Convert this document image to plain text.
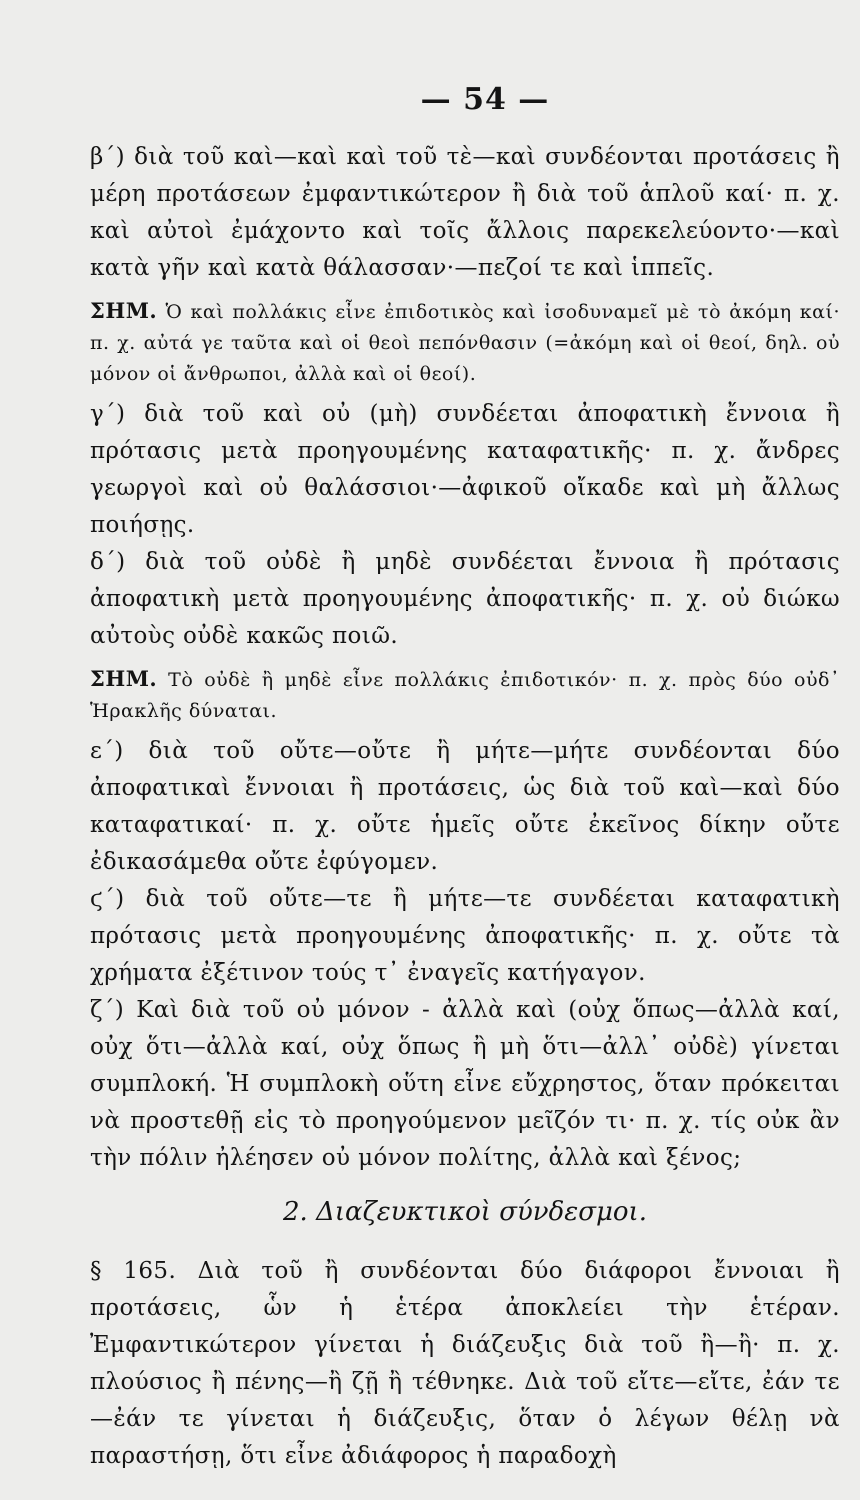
— 54 —

β΄) διὰ τοῦ καὶ—καὶ καὶ τοῦ τὲ—καὶ συνδέονται προτάσεις ἢ μέρη προτάσεων ἐμφαντικώτερον ἢ διὰ τοῦ ἁπλοῦ καί· π. χ. καὶ αὐτοὶ ἐμάχοντο καὶ τοῖς ἄλλοις παρεκελεύοντο·—καὶ κατὰ γῆν καὶ κατὰ θάλασσαν·—πεζοί τε καὶ ἱππεῖς.

ΣΗΜ. Ὁ καὶ πολλάκις εἶνε ἐπιδοτικὸς καὶ ἰσοδυναμεῖ μὲ τὸ ἀκόμη καί· π. χ. αὐτά γε ταῦτα καὶ οἱ θεοὶ πεπόνθασιν (=ἀκόμη καὶ οἱ θεοί, δηλ. οὐ μόνον οἱ ἄνθρωποι, ἀλλὰ καὶ οἱ θεοί).

γ΄) διὰ τοῦ καὶ οὐ (μὴ) συνδέεται ἀποφατικὴ ἔννοια ἢ πρότασις μετὰ προηγουμένης καταφατικῆς· π. χ. ἄνδρες γεωργοὶ καὶ οὐ θαλάσσιοι·—ἀφικοῦ οἴκαδε καὶ μὴ ἄλλως ποιήσῃς.

δ΄) διὰ τοῦ οὐδὲ ἢ μηδὲ συνδέεται ἔννοια ἢ πρότασις ἀποφατικὴ μετὰ προηγουμένης ἀποφατικῆς· π. χ. οὐ διώκω αὐτοὺς οὐδὲ κακῶς ποιῶ.

ΣΗΜ. Τὸ οὐδὲ ἢ μηδὲ εἶνε πολλάκις ἐπιδοτικόν· π. χ. πρὸς δύο οὐδ᾽ Ἡρακλῆς δύναται.

ε΄) διὰ τοῦ οὔτε—οὔτε ἢ μήτε—μήτε συνδέονται δύο ἀποφατικαὶ ἔννοιαι ἢ προτάσεις, ὡς διὰ τοῦ καὶ—καὶ δύο καταφατικαί· π. χ. οὔτε ἡμεῖς οὔτε ἐκεῖνος δίκην οὔτε ἐδικασάμεθα οὔτε ἐφύγομεν.

ϛ΄) διὰ τοῦ οὔτε—τε ἢ μήτε—τε συνδέεται καταφατικὴ πρότασις μετὰ προηγουμένης ἀποφατικῆς· π. χ. οὔτε τὰ χρήματα ἐξέτινον τούς τ᾽ ἐναγεῖς κατήγαγον.

ζ΄) Καὶ διὰ τοῦ οὐ μόνον - ἀλλὰ καὶ (οὐχ ὅπως—ἀλλὰ καί, οὐχ ὅτι—ἀλλὰ καί, οὐχ ὅπως ἢ μὴ ὅτι—ἀλλ᾽ οὐδὲ) γίνεται συμπλοκή. Ἡ συμπλοκὴ οὕτη εἶνε εὔχρηστος, ὅταν πρόκειται νὰ προστεθῇ εἰς τὸ προηγούμενον μεῖζόν τι· π. χ. τίς οὐκ ἂν τὴν πόλιν ἠλέησεν οὐ μόνον πολίτης, ἀλλὰ καὶ ξένος;

2. Διαζευκτικοὶ σύνδεσμοι.

§ 165. Διὰ τοῦ ἢ συνδέονται δύο διάφοροι ἔννοιαι ἢ προτάσεις, ὧν ἡ ἑτέρα ἀποκλείει τὴν ἑτέραν. Ἐμφαντικώτερον γίνεται ἡ διάζευξις διὰ τοῦ ἢ—ἢ· π. χ. πλούσιος ἢ πένης—ἢ ζῇ ἢ τέθνηκε. Διὰ τοῦ εἴτε—εἴτε, ἐάν τε—ἐάν τε γίνεται ἡ διάζευξις, ὅταν ὁ λέγων θέλῃ νὰ παραστήσῃ, ὅτι εἶνε ἀδιάφορος ἡ παραδοχὴ
